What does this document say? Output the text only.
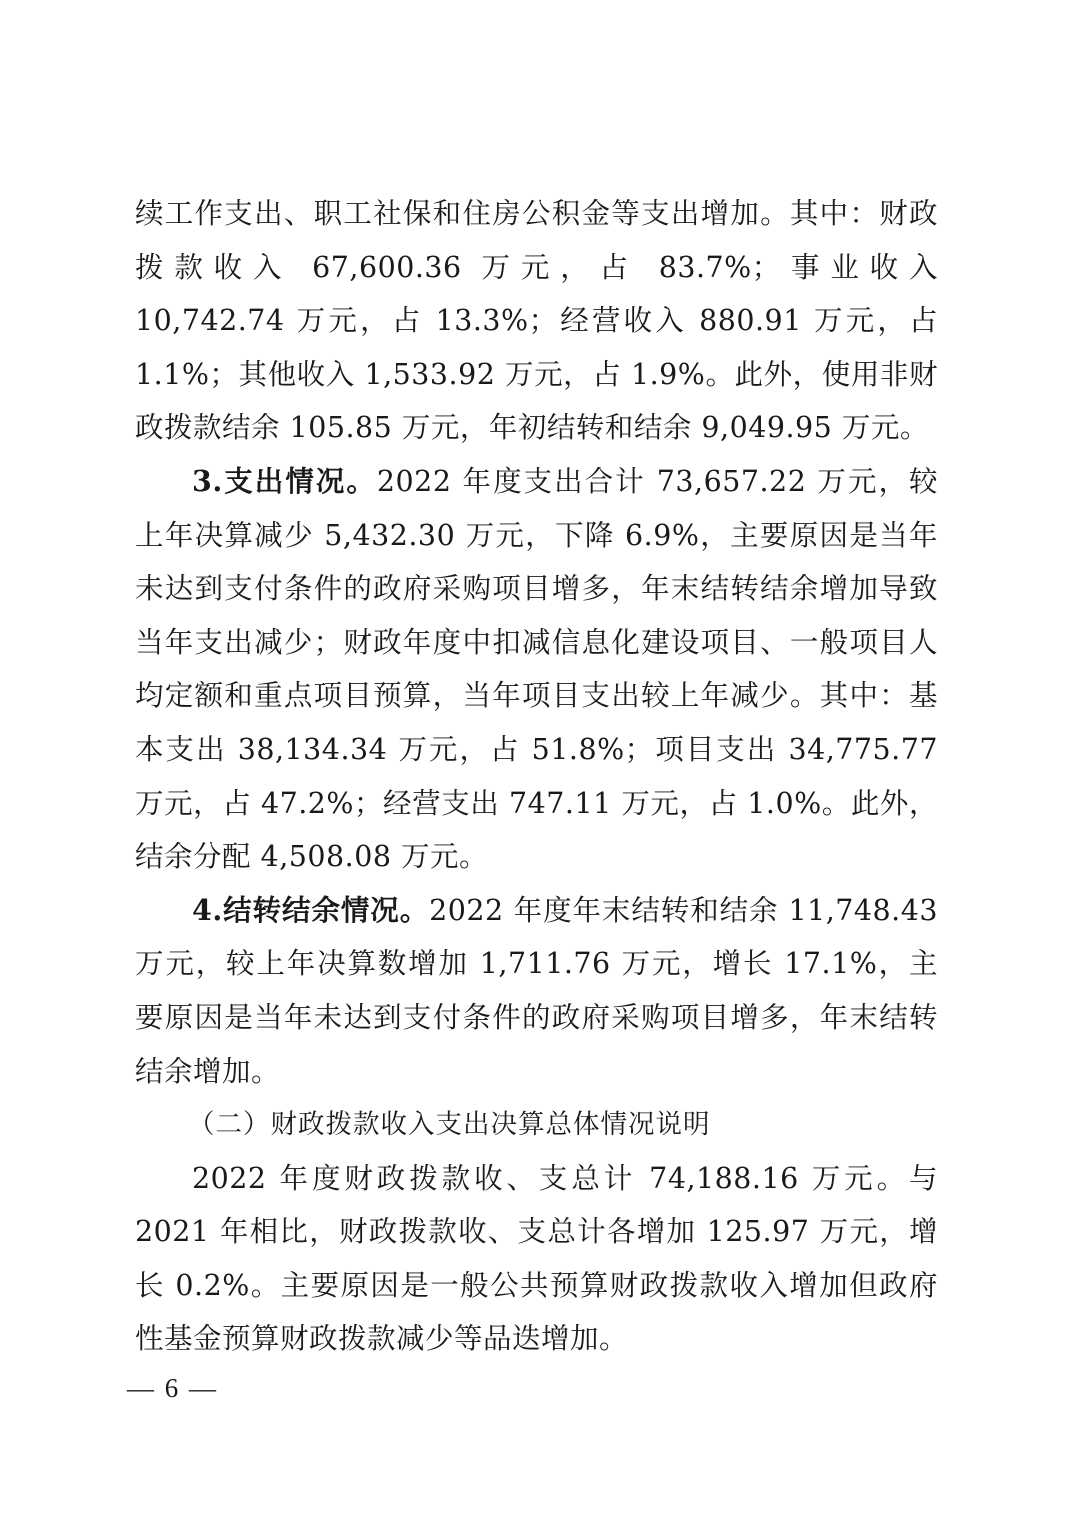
续工作支出、职工社保和住房公积金等支出增加。其中：财政拨款收入 67,600.36 万元，占 83.7%；事业收入 10,742.74 万元，占 13.3%；经营收入 880.91 万元，占 1.1%；其他收入 1,533.92 万元，占 1.9%。此外，使用非财政拨款结余 105.85 万元，年初结转和结余 9,049.95 万元。

3.支出情况。2022 年度支出合计 73,657.22 万元，较上年决算减少 5,432.30 万元，下降 6.9%，主要原因是当年未达到支付条件的政府采购项目增多，年末结转结余增加导致当年支出减少；财政年度中扣减信息化建设项目、一般项目人均定额和重点项目预算，当年项目支出较上年减少。其中：基本支出 38,134.34 万元，占 51.8%；项目支出 34,775.77 万元，占 47.2%；经营支出 747.11 万元，占 1.0%。此外，结余分配 4,508.08 万元。

4.结转结余情况。2022 年度年末结转和结余 11,748.43 万元，较上年决算数增加 1,711.76 万元，增长 17.1%，主要原因是当年未达到支付条件的政府采购项目增多，年末结转结余增加。

（二）财政拨款收入支出决算总体情况说明

2022 年度财政拨款收、支总计 74,188.16 万元。与 2021 年相比，财政拨款收、支总计各增加 125.97 万元，增长 0.2%。主要原因是一般公共预算财政拨款收入增加但政府性基金预算财政拨款减少等品迭增加。

— 6 —
